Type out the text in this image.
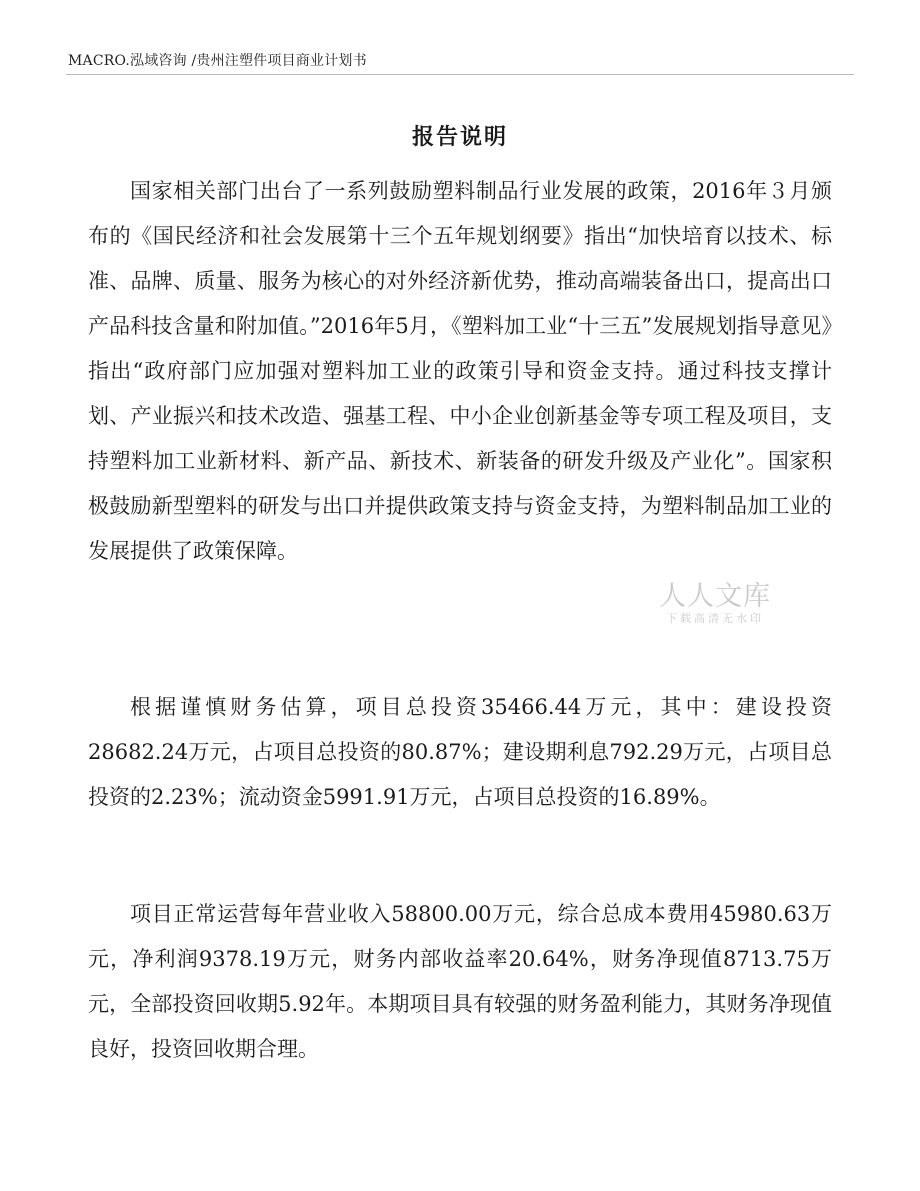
MACRO.泓域咨询 /贵州注塑件项目商业计划书
报告说明

国家相关部门出台了一系列鼓励塑料制品行业发展的政策，2016年３月颁布的《国民经济和社会发展第十三个五年规划纲要》指出“加快培育以技术、标准、品牌、质量、服务为核心的对外经济新优势，推动高端装备出口，提高出口产品科技含量和附加值。”2016年5月，《塑料加工业“十三五”发展规划指导意见》指出“政府部门应加强对塑料加工业的政策引导和资金支持。通过科技支撑计划、产业振兴和技术改造、强基工程、中小企业创新基金等专项工程及项目，支持塑料加工业新材料、新产品、新技术、新装备的研发升级及产业化”。国家积极鼓励新型塑料的研发与出口并提供政策支持与资金支持，为塑料制品加工业的发展提供了政策保障。

根据谨慎财务估算，项目总投资35466.44万元，其中：建设投资28682.24万元，占项目总投资的80.87%；建设期利息792.29万元，占项目总投资的2.23%；流动资金5991.91万元，占项目总投资的16.89%。

项目正常运营每年营业收入58800.00万元，综合总成本费用45980.63万元，净利润9378.19万元，财务内部收益率20.64%，财务净现值8713.75万元，全部投资回收期5.92年。本期项目具有较强的财务盈利能力，其财务净现值良好，投资回收期合理。

人人文库
下载高清无水印
